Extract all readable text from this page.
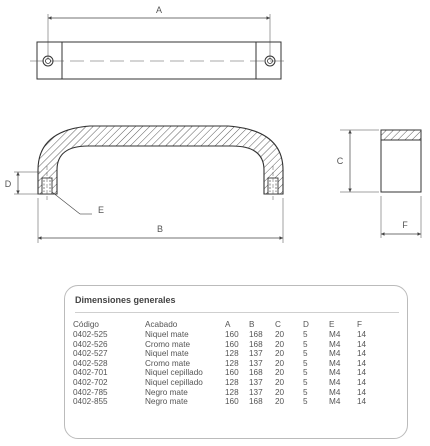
A
D
E
B
C
F
Dimensiones generales
Código	Acabado	A	B	C	D	E	F
0402-525	Niquel mate	160	168	20	5	M4	14
0402-526	Cromo mate	160	168	20	5	M4	14
0402-527	Niquel mate	128	137	20	5	M4	14
0402-528	Cromo mate	128	137	20	5	M4	14
0402-701	Niquel cepillado	160	168	20	5	M4	14
0402-702	Niquel cepillado	128	137	20	5	M4	14
0402-785	Negro mate	128	137	20	5	M4	14
0402-855	Negro mate	160	168	20	5	M4	14
